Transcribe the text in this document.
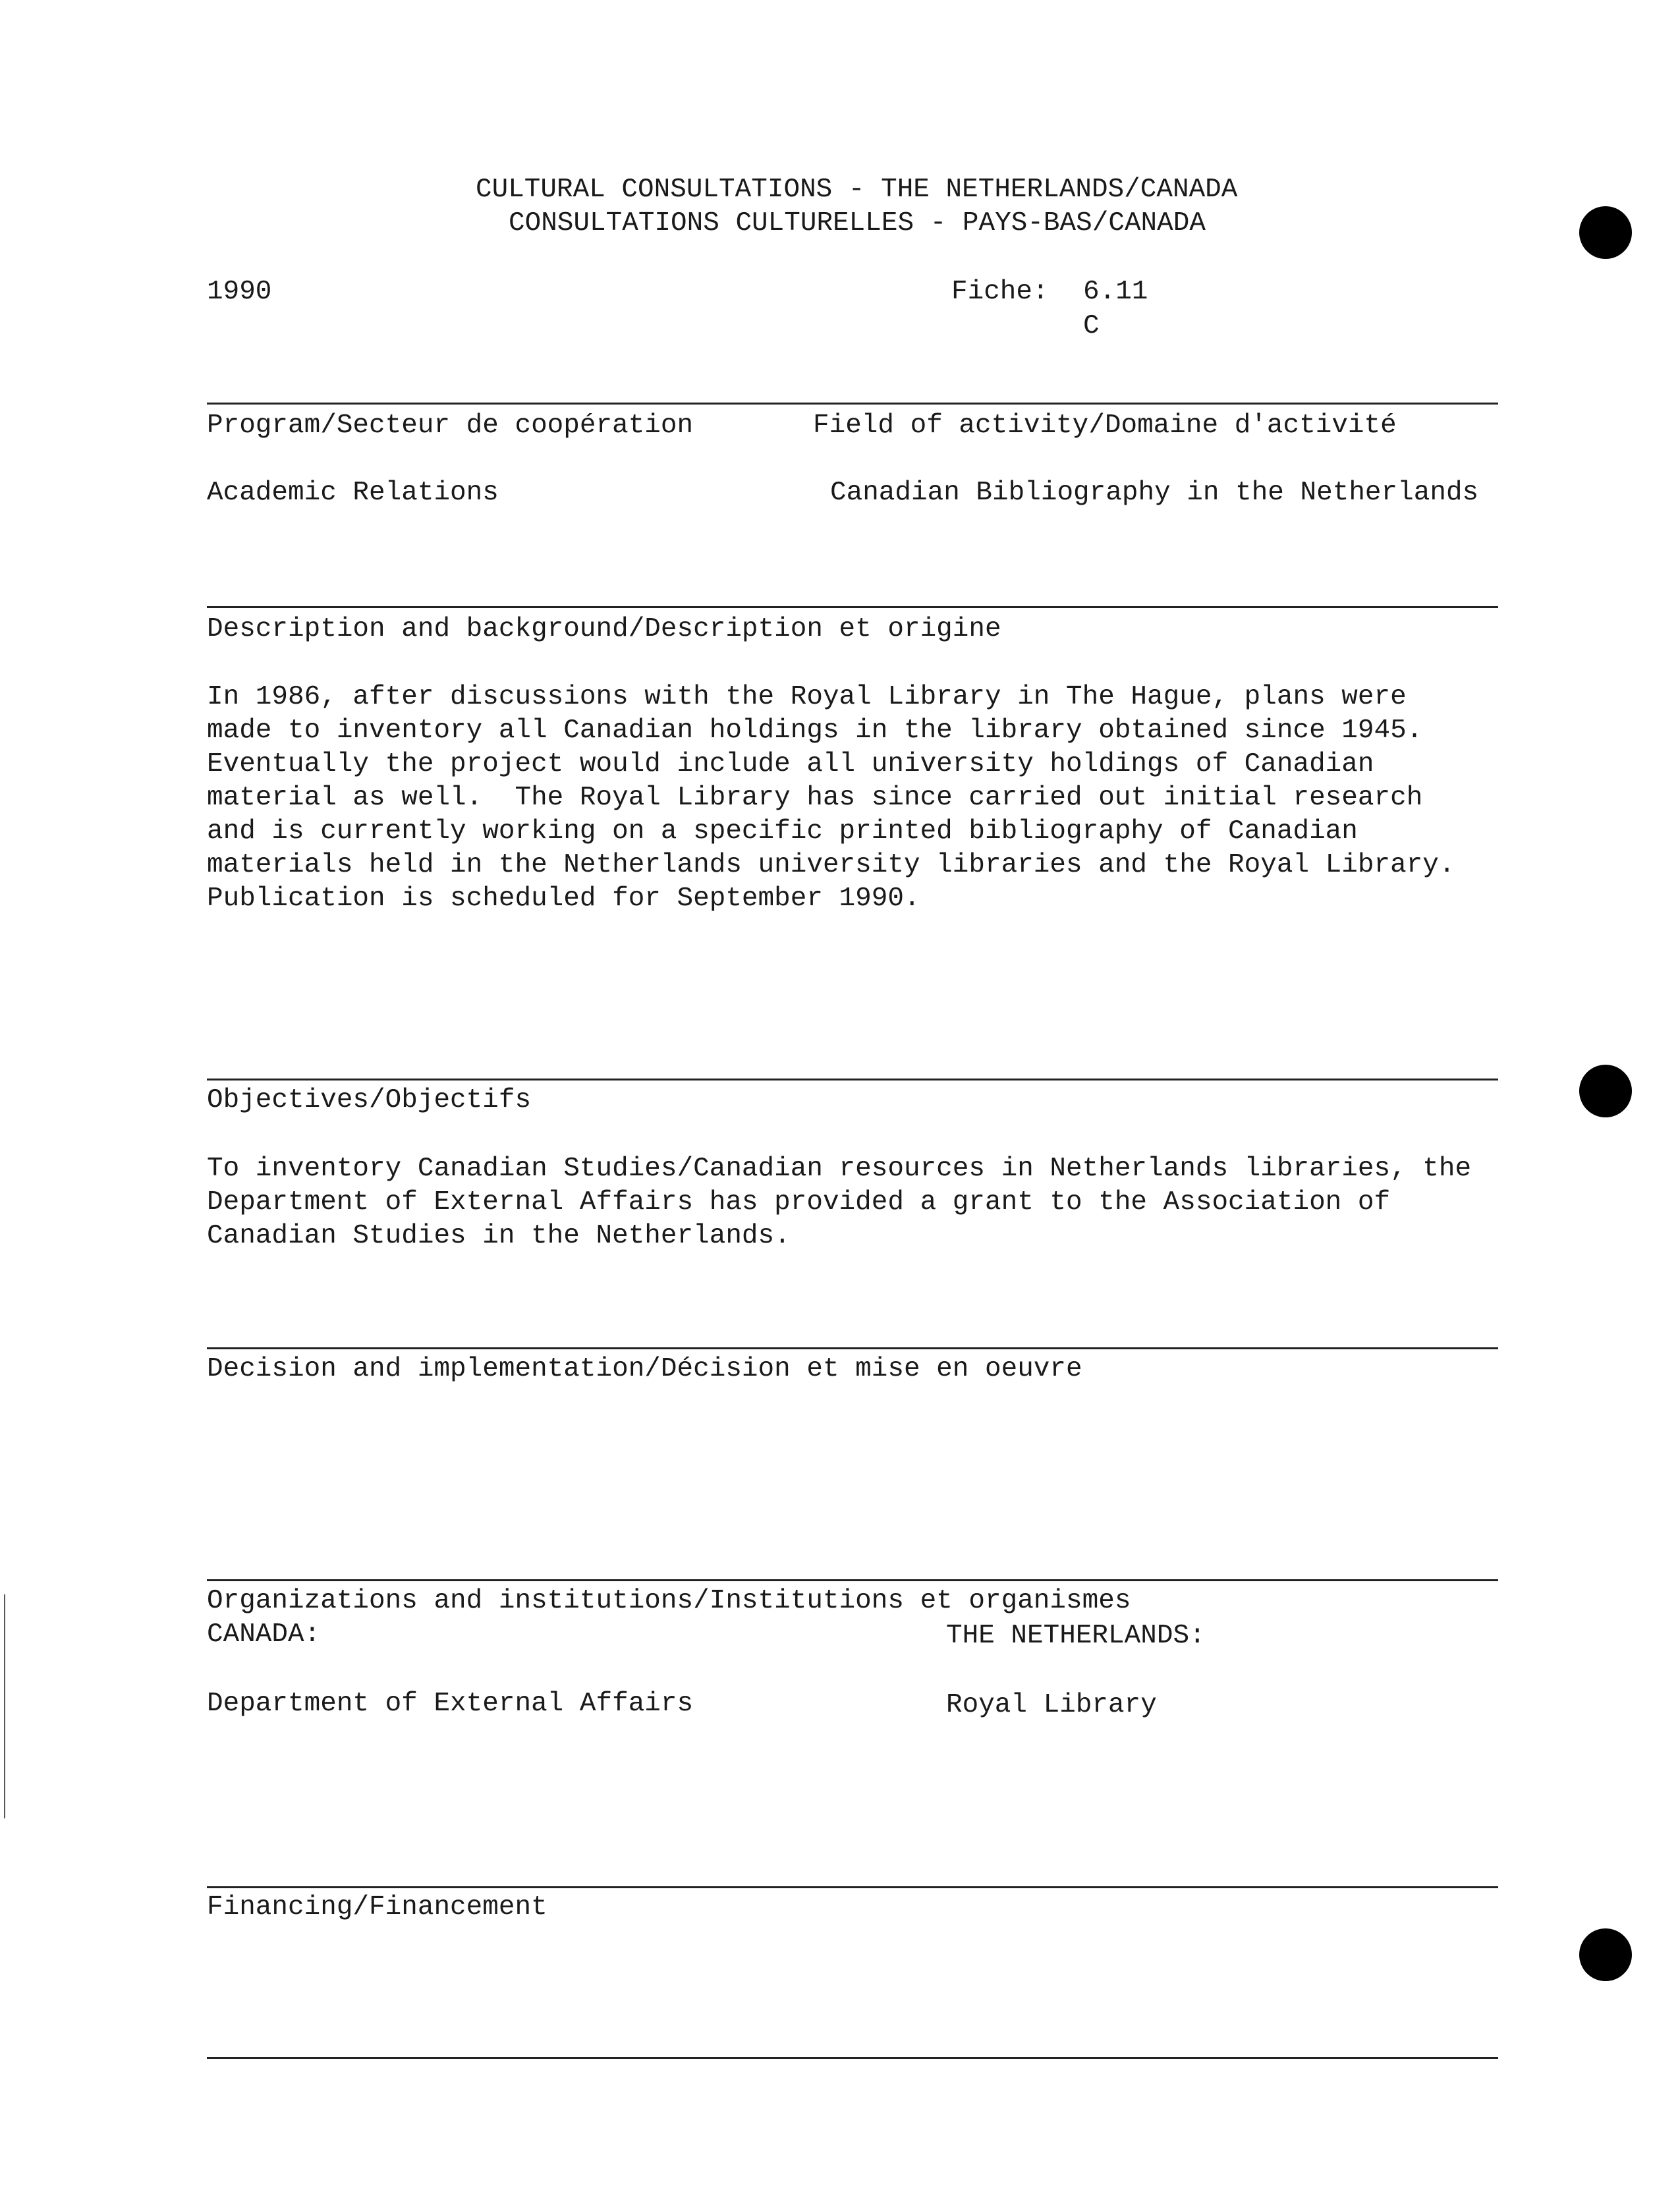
CULTURAL CONSULTATIONS - THE NETHERLANDS/CANADA

CONSULTATIONS CULTURELLES - PAYS-BAS/CANADA

1990	Fiche: 6.11

C

Program/Secteur de coopération	Field of activity/Domaine d'activité

Academic Relations	Canadian Bibliography in the Netherlands

Description and background/Description et origine

In 1986, after discussions with the Royal Library in The Hague, plans were

made to inventory all Canadian holdings in the library obtained since 1945.

Eventually the project would include all university holdings of Canadian

material as well.  The Royal Library has since carried out initial research

and is currently working on a specific printed bibliography of Canadian

materials held in the Netherlands university libraries and the Royal Library.

Publication is scheduled for September 1990.

Objectives/Objectifs

To inventory Canadian Studies/Canadian resources in Netherlands libraries, the

Department of External Affairs has provided a grant to the Association of

Canadian Studies in the Netherlands.

Decision and implementation/Décision et mise en oeuvre

Organizations and institutions/Institutions et organismes

CANADA:	THE NETHERLANDS:

Department of External Affairs	Royal Library

Financing/Financement
